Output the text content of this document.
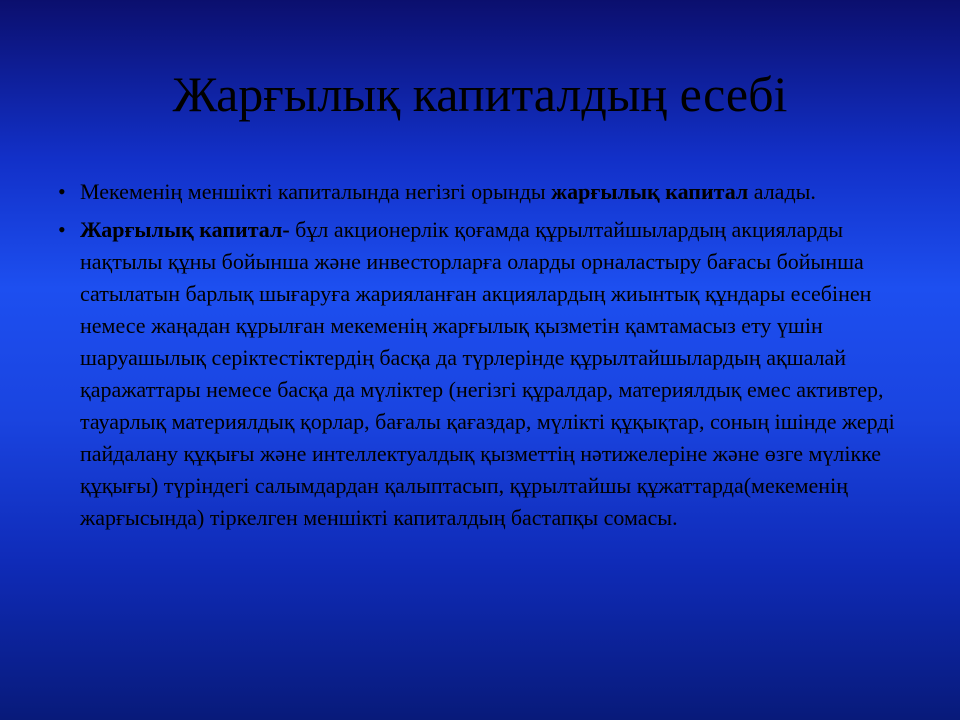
Жарғылық капиталдың есебі
• Мекеменің меншікті капиталында негізгі орынды жарғылық капитал алады.
• Жарғылық капитал- бұл акционерлік қоғамда құрылтайшылардың акцияларды нақтылы құны бойынша және инвесторларға оларды орналастыру бағасы бойынша сатылатын барлық шығаруға жарияланған акциялардың жиынтық құндары есебінен немесе жаңадан құрылған мекеменің жарғылық қызметін қамтамасыз ету үшін шаруашылық серіктестіктердің басқа да түрлерінде құрылтайшылардың ақшалай қаражаттары немесе басқа да мүліктер (негізгі құралдар, материялдық емес активтер, тауарлық материялдық қорлар, бағалы қағаздар, мүлікті құқықтар, соның ішінде жерді пайдалану құқығы және интеллектуалдық қызметтің нәтижелеріне және өзге мүлікке құқығы) түріндегі салымдардан қалыптасып, құрылтайшы құжаттарда(мекеменің жарғысында) тіркелген меншікті капиталдың бастапқы сомасы.
